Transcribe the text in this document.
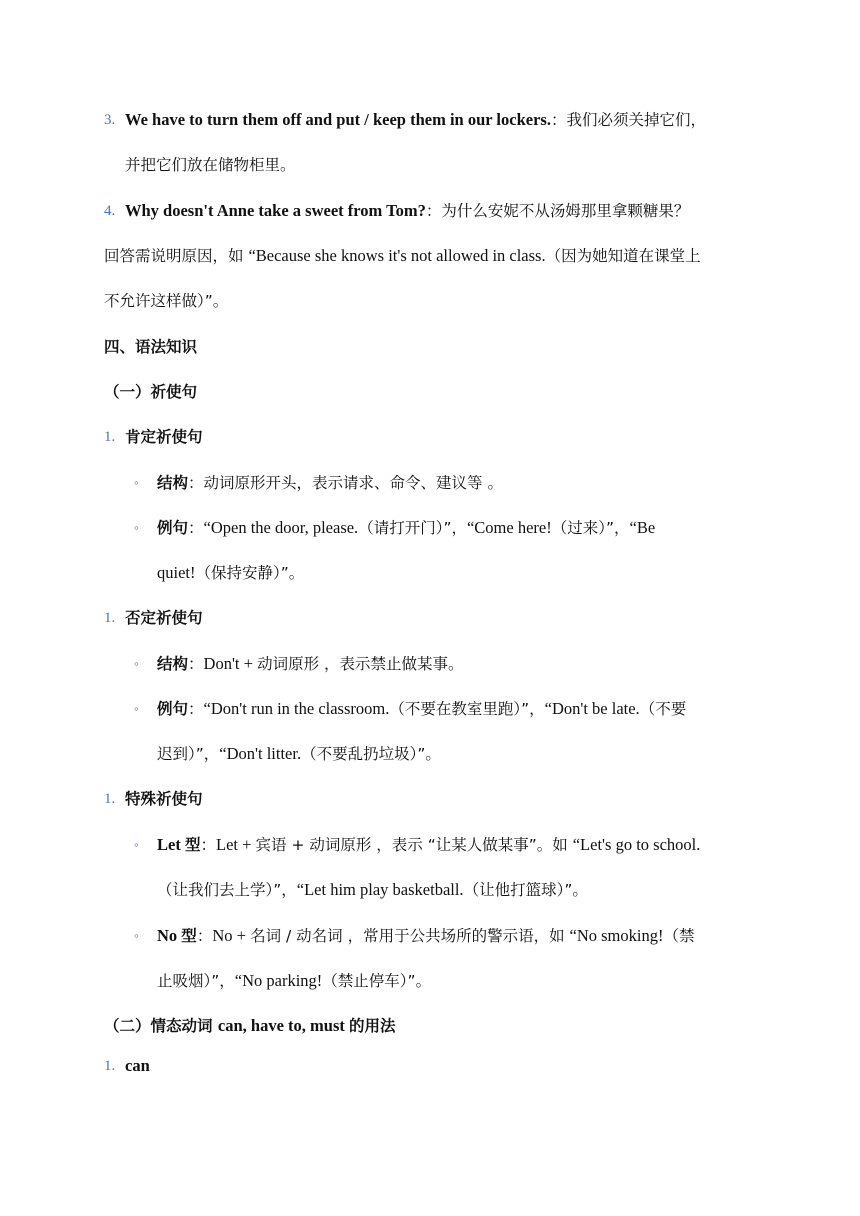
3. We have to turn them off and put / keep them in our lockers.：我们必须关掉它们，
并把它们放在储物柜里。
4. Why doesn't Anne take a sweet from Tom?：为什么安妮不从汤姆那里拿颗糖果？
回答需说明原因，如 “Because she knows it's not allowed in class.（因为她知道在课堂上
不允许这样做）”。
四、语法知识
（一）祈使句
1. 肯定祈使句
◦ 结构：动词原形开头，表示请求、命令、建议等 。
◦ 例句：“Open the door, please.（请打开门）”，“Come here!（过来）”，“Be
quiet!（保持安静）”。
1. 否定祈使句
◦ 结构：Don't + 动词原形 ，表示禁止做某事。
◦ 例句：“Don't run in the classroom.（不要在教室里跑）”，“Don't be late.（不要
迟到）”，“Don't litter.（不要乱扔垃圾）”。
1. 特殊祈使句
◦ Let 型：Let + 宾语 + 动词原形 ，表示 “让某人做某事”。如 “Let's go to school.
（让我们去上学）”，“Let him play basketball.（让他打篮球）”。
◦ No 型：No + 名词 / 动名词 ，常用于公共场所的警示语，如 “No smoking!（禁
止吸烟）”，“No parking!（禁止停车）”。
（二）情态动词 can, have to, must 的用法
1. can
